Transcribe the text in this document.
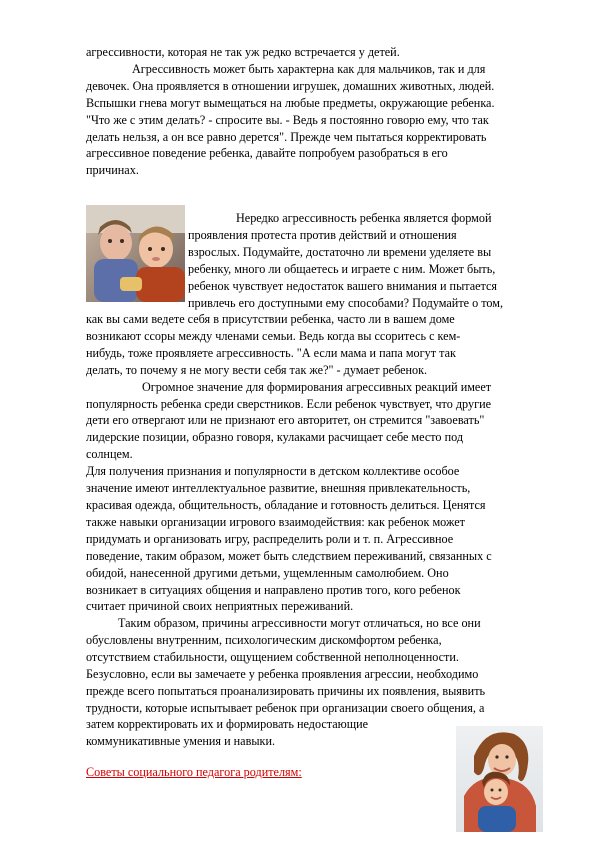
агрессивности, которая не так уж редко встречается у детей.
Агрессивность может быть характерна как для мальчиков, так и для
девочек. Она проявляется в отношении игрушек, домашних животных, людей.
Вспышки гнева могут вымещаться на любые предметы, окружающие ребенка.
"Что же с этим делать? - спросите вы. - Ведь я постоянно говорю ему, что так
делать нельзя, а он все равно дерется". Прежде чем пытаться корректировать
агрессивное поведение ребенка, давайте попробуем разобраться в его
причинах.
Нередко агрессивность ребенка является формой
проявления протеста против действий и отношения
взрослых. Подумайте, достаточно ли времени уделяете вы
ребенку, много ли общаетесь и играете с ним. Может быть,
ребенок чувствует недостаток вашего внимания и пытается
привлечь его доступными ему способами? Подумайте о том,
как вы сами ведете себя в присутствии ребенка, часто ли в вашем доме
возникают ссоры между членами семьи. Ведь когда вы ссоритесь с кем-
нибудь, тоже проявляете агрессивность. "А если мама и папа могут так
делать, то почему я не могу вести себя так же?" - думает ребенок.
Огромное значение для формирования агрессивных реакций имеет
популярность ребенка среди сверстников. Если ребенок чувствует, что другие
дети его отвергают или не признают его авторитет, он стремится "завоевать"
лидерские позиции, образно говоря, кулаками расчищает себе место под
солнцем.
Для получения признания и популярности в детском коллективе особое
значение имеют интеллектуальное развитие, внешняя привлекательность,
красивая одежда, общительность, обладание и готовность делиться. Ценятся
также навыки организации игрового взаимодействия: как ребенок может
придумать и организовать игру, распределить роли и т. п. Агрессивное
поведение, таким образом, может быть следствием переживаний, связанных с
обидой, нанесенной другими детьми, ущемленным самолюбием. Оно
возникает в ситуациях общения и направлено против того, кого ребенок
считает причиной своих неприятных переживаний.
Таким образом, причины агрессивности могут отличаться, но все они
обусловлены внутренним, психологическим дискомфортом ребенка,
отсутствием стабильности, ощущением собственной неполноценности.
Безусловно, если вы замечаете у ребенка проявления агрессии, необходимо
прежде всего попытаться проанализировать причины их появления, выявить
трудности, которые испытывает ребенок при организации своего общения, а
затем корректировать их и формировать недостающие
коммуникативные умения и навыки.
Советы социального педагога родителям:
